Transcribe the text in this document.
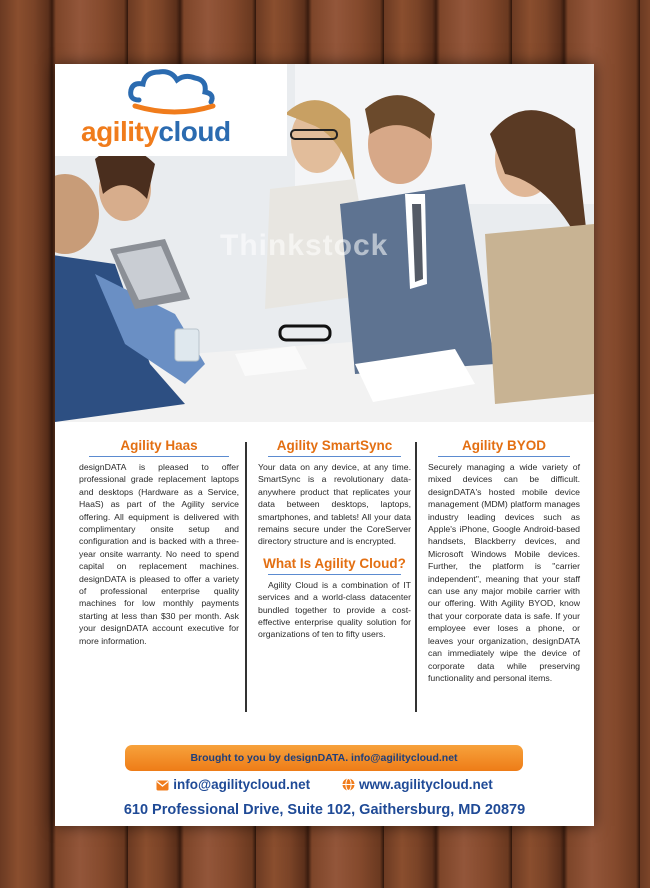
Thinkstock
agilitycloud
Agility Haas

designDATA is pleased to offer professional grade replacement laptops and desktops (Hardware as a Service, HaaS) as part of the Agility service offering. All equipment is delivered with complimentary onsite setup and configuration and is backed with a three-year onsite warranty. No need to spend capital on replacement machines. designDATA is pleased to offer a variety of professional enterprise quality machines for low monthly payments starting at less than $30 per month. Ask your designDATA account executive for more information.

Agility SmartSync

Your data on any device, at any time. SmartSync is a revolutionary data-anywhere product that replicates your data between desktops, laptops, smartphones, and tablets! All your data remains secure under the CoreServer directory structure and is encrypted.

What Is Agility Cloud?

Agility Cloud is a combination of IT services and a world-class datacenter bundled together to provide a cost-effective enterprise quality solution for organizations of ten to fifty users.

Agility BYOD

Securely managing a wide variety of mixed devices can be difficult. designDATA's hosted mobile device management (MDM) platform manages industry leading devices such as Apple's iPhone, Google Android-based handsets, Blackberry devices, and Microsoft Windows Mobile devices. Further, the platform is "carrier independent", meaning that your staff can use any major mobile carrier with our offering. With Agility BYOD, know that your corporate data is safe. If your employee ever loses a phone, or leaves your organization, designDATA can immediately wipe the device of corporate data while preserving functionality and personal items.

Brought to you by designDATA. info@agilitycloud.net
info@agilitycloud.net	www.agilitycloud.net
610 Professional Drive, Suite 102, Gaithersburg, MD 20879
